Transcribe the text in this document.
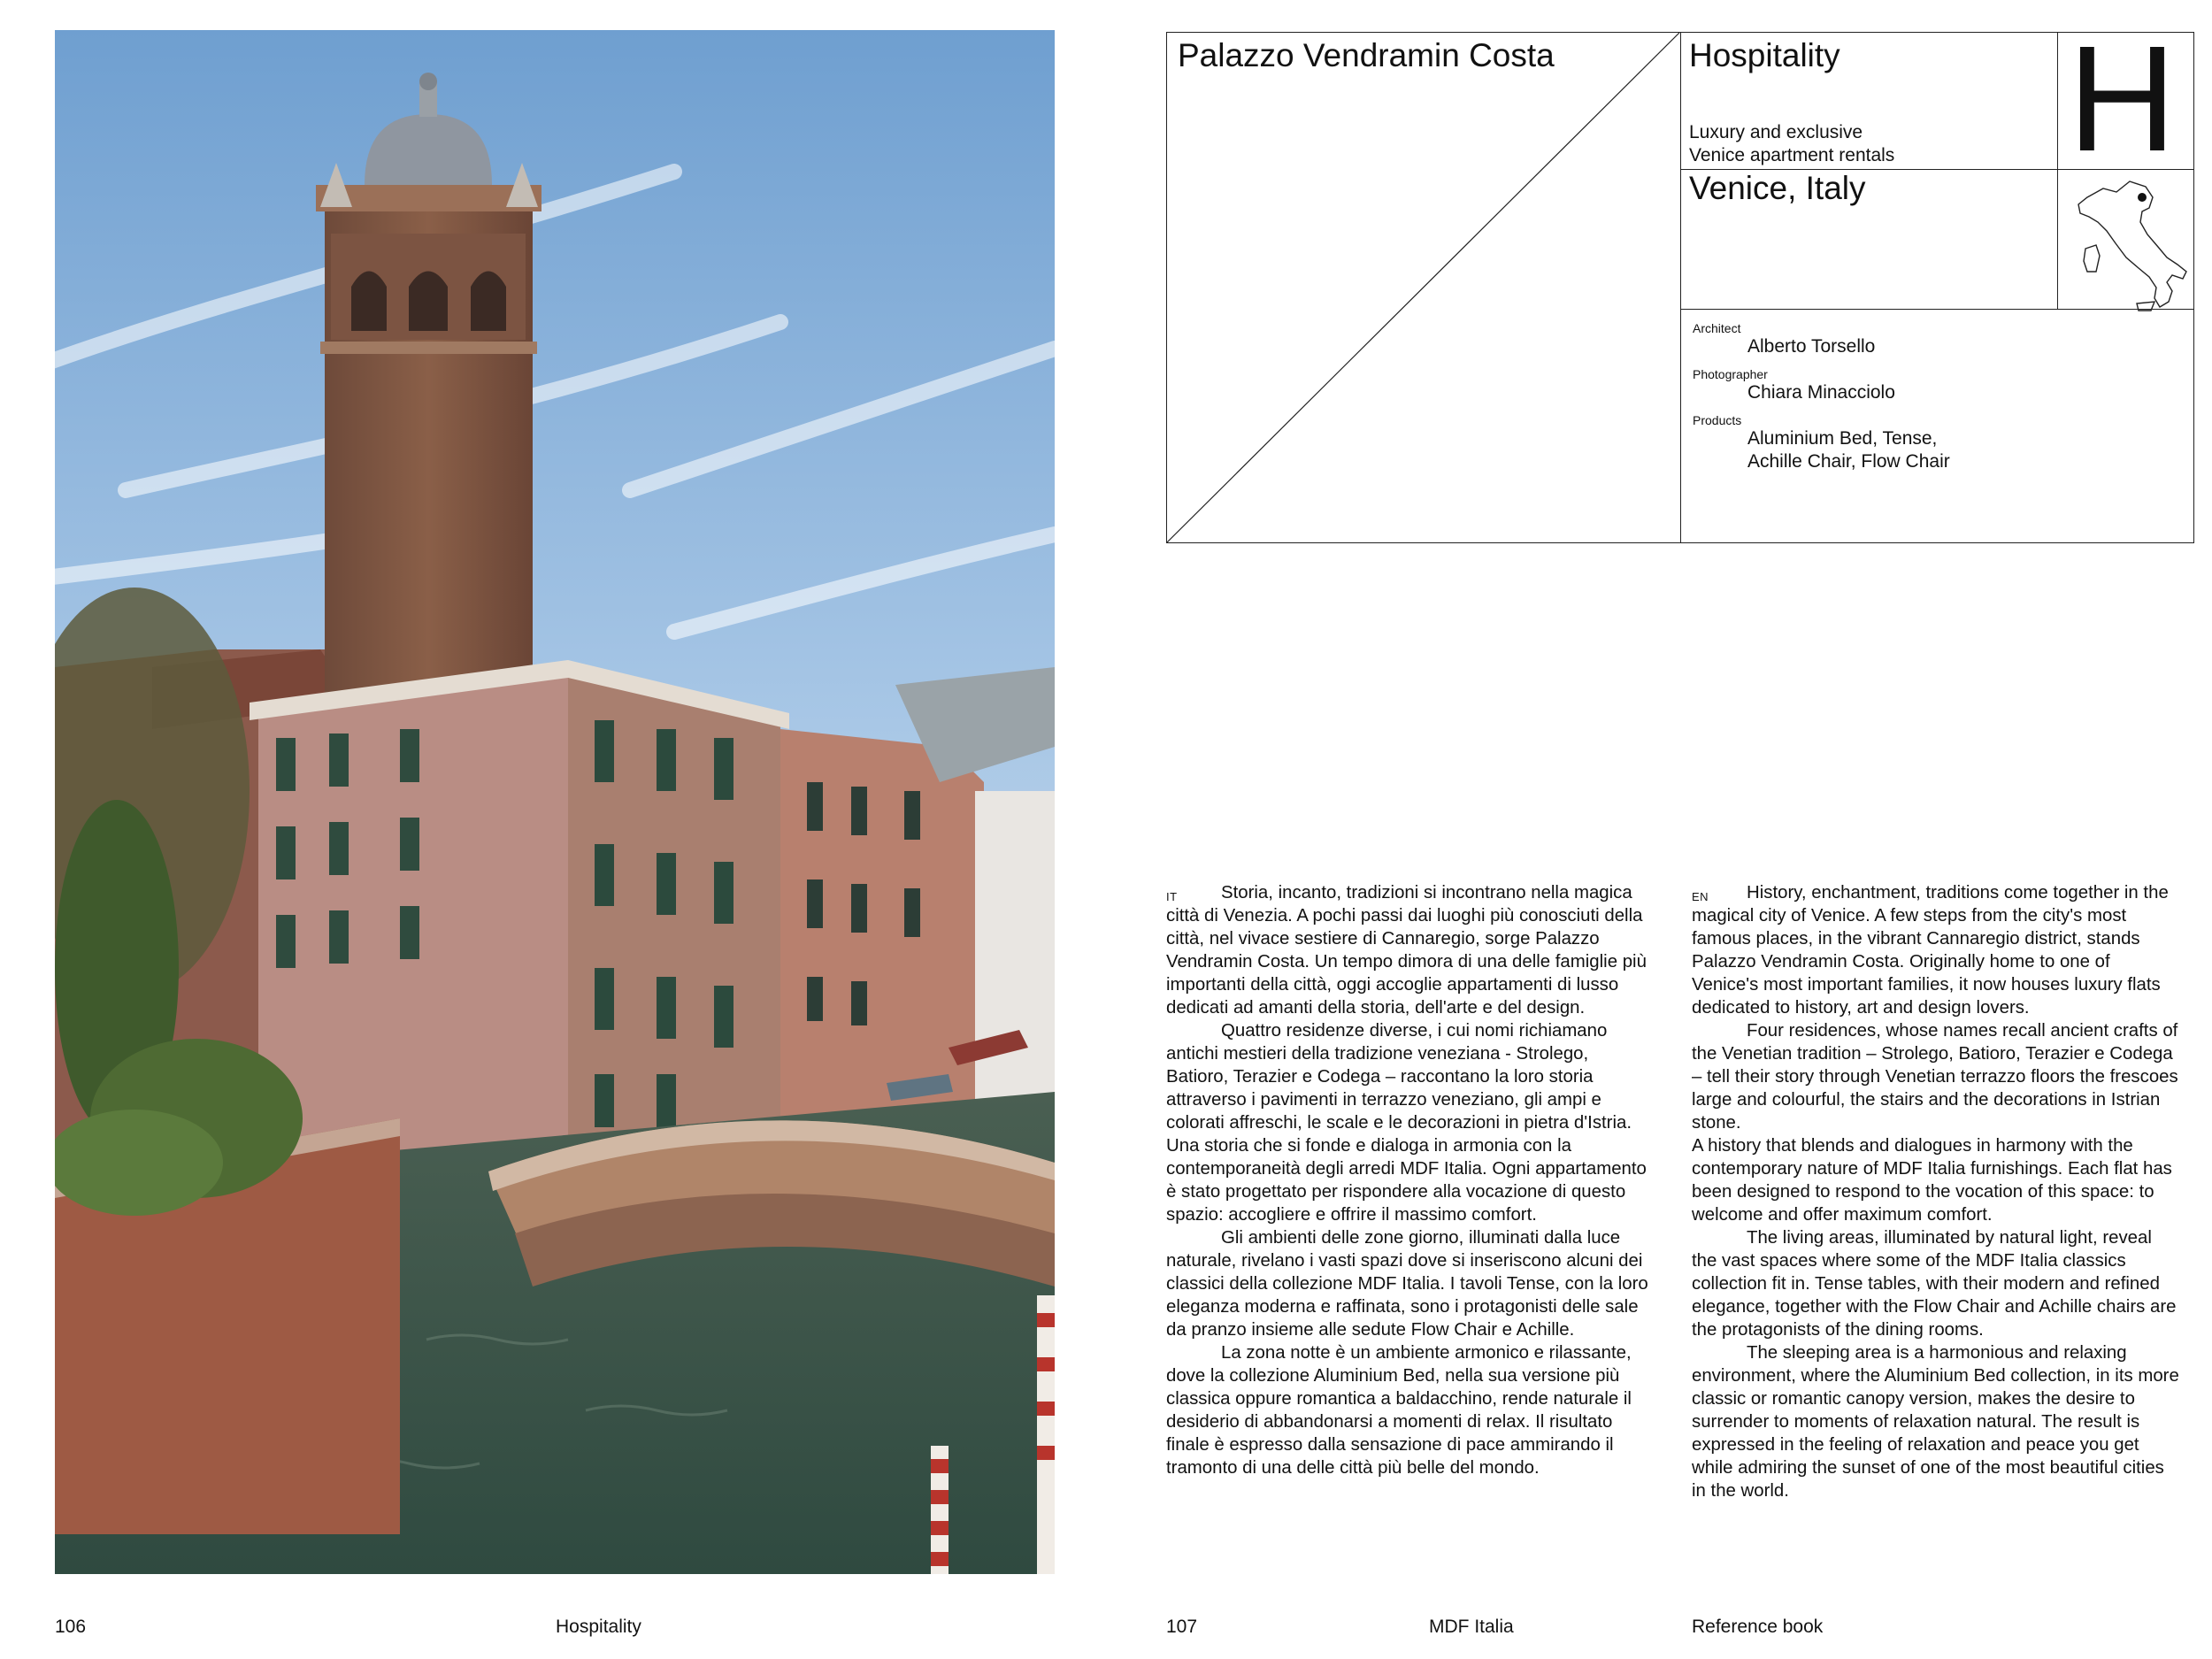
106	Hospitality	107	MDF Italia	Reference book
Palazzo Vendramin Costa	Hospitality
Luxury and exclusive
Venice apartment rentals
Venice, Italy
H
Architect
Alberto Torsello
Photographer
Chiara Minacciolo
Products
Aluminium Bed, Tense,
Achille Chair, Flow Chair
IT	Storia, incanto, tradizioni si incontrano nella magica città di Venezia. A pochi passi dai luoghi più conosciuti della città, nel vivace sestiere di Cannaregio, sorge Palazzo Vendramin Costa. Un tempo dimora di una delle famiglie più importanti della città, oggi accoglie appartamenti di lusso dedicati ad amanti della storia, dell'arte e del design.

Quattro residenze diverse, i cui nomi richiamano antichi mestieri della tradizione veneziana - Strolego, Batioro, Terazier e Codega – raccontano la loro storia attraverso i pavimenti in terrazzo veneziano, gli ampi e colorati affreschi, le scale e le decorazioni in pietra d'Istria. Una storia che si fonde e dialoga in armonia con la contemporaneità degli arredi MDF Italia. Ogni appartamento è stato progettato per rispondere alla vocazione di questo spazio: accogliere e offrire il massimo comfort.

Gli ambienti delle zone giorno, illuminati dalla luce naturale, rivelano i vasti spazi dove si inseriscono alcuni dei classici della collezione MDF Italia. I tavoli Tense, con la loro eleganza moderna e raffinata, sono i protagonisti delle sale da pranzo insieme alle sedute Flow Chair e Achille.

La zona notte è un ambiente armonico e rilassante, dove la collezione Aluminium Bed, nella sua versione più classica oppure romantica a baldacchino, rende naturale il desiderio di abbandonarsi a momenti di relax. Il risultato finale è espresso dalla sensazione di pace ammirando il tramonto di una delle città più belle del mondo.

EN	History, enchantment, traditions come together in the magical city of Venice. A few steps from the city's most famous places, in the vibrant Cannaregio district, stands Palazzo Vendramin Costa. Originally home to one of Venice's most important families, it now houses luxury flats dedicated to history, art and design lovers.

Four residences, whose names recall ancient crafts of the Venetian tradition – Strolego, Batioro, Terazier e Codega – tell their story through Venetian terrazzo floors the frescoes large and colourful, the stairs and the decorations in Istrian stone.

A history that blends and dialogues in harmony with the contemporary nature of MDF Italia furnishings. Each flat has been designed to respond to the vocation of this space: to welcome and offer maximum comfort.

The living areas, illuminated by natural light, reveal the vast spaces where some of the MDF Italia classics collection fit in. Tense tables, with their modern and refined elegance, together with the Flow Chair and Achille chairs are the protagonists of the dining rooms.

The sleeping area is a harmonious and relaxing environment, where the Aluminium Bed collection, in its more classic or romantic canopy version, makes the desire to surrender to moments of relaxation natural. The result is expressed in the feeling of relaxation and peace you get while admiring the sunset of one of the most beautiful cities in the world.
